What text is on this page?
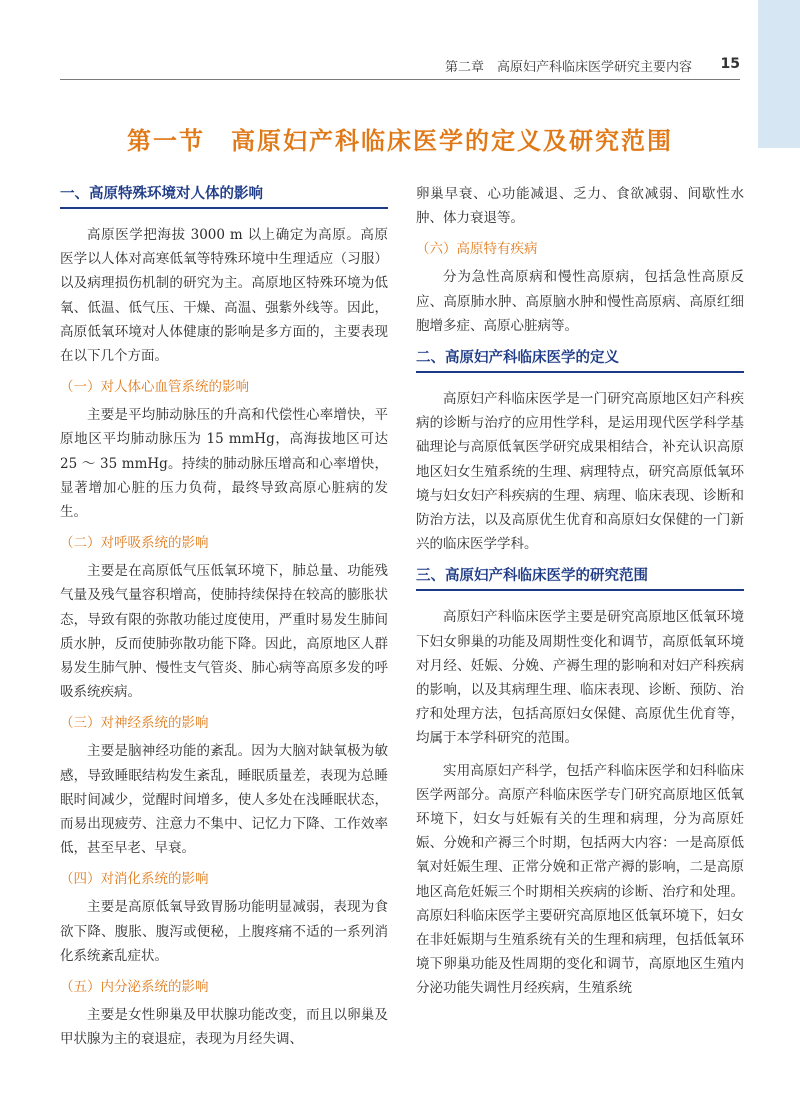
第二章　高原妇产科临床医学研究主要内容 15
第一节　高原妇产科临床医学的定义及研究范围
一、高原特殊环境对人体的影响

高原医学把海拔 3000 m 以上确定为高原。高原医学以人体对高寒低氧等特殊环境中生理适应（习服）以及病理损伤机制的研究为主。高原地区特殊环境为低氧、低温、低气压、干燥、高温、强紫外线等。因此，高原低氧环境对人体健康的影响是多方面的，主要表现在以下几个方面。

（一）对人体心血管系统的影响

主要是平均肺动脉压的升高和代偿性心率增快，平原地区平均肺动脉压为 15 mmHg，高海拔地区可达 25 ～ 35 mmHg。持续的肺动脉压增高和心率增快，显著增加心脏的压力负荷，最终导致高原心脏病的发生。

（二）对呼吸系统的影响

主要是在高原低气压低氧环境下，肺总量、功能残气量及残气量容积增高，使肺持续保持在较高的膨胀状态，导致有限的弥散功能过度使用，严重时易发生肺间质水肿，反而使肺弥散功能下降。因此，高原地区人群易发生肺气肿、慢性支气管炎、肺心病等高原多发的呼吸系统疾病。

（三）对神经系统的影响

主要是脑神经功能的紊乱。因为大脑对缺氧极为敏感，导致睡眠结构发生紊乱，睡眠质量差，表现为总睡眠时间减少，觉醒时间增多，使人多处在浅睡眠状态，而易出现疲劳、注意力不集中、记忆力下降、工作效率低，甚至早老、早衰。

（四）对消化系统的影响

主要是高原低氧导致胃肠功能明显减弱，表现为食欲下降、腹胀、腹泻或便秘，上腹疼痛不适的一系列消化系统紊乱症状。

（五）内分泌系统的影响

主要是女性卵巢及甲状腺功能改变，而且以卵巢及甲状腺为主的衰退症，表现为月经失调、

卵巢早衰、心功能减退、乏力、食欲减弱、间歇性水肿、体力衰退等。

（六）高原特有疾病

分为急性高原病和慢性高原病，包括急性高原反应、高原肺水肿、高原脑水肿和慢性高原病、高原红细胞增多症、高原心脏病等。

二、高原妇产科临床医学的定义

高原妇产科临床医学是一门研究高原地区妇产科疾病的诊断与治疗的应用性学科，是运用现代医学科学基础理论与高原低氧医学研究成果相结合，补充认识高原地区妇女生殖系统的生理、病理特点，研究高原低氧环境与妇女妇产科疾病的生理、病理、临床表现、诊断和防治方法，以及高原优生优育和高原妇女保健的一门新兴的临床医学学科。

三、高原妇产科临床医学的研究范围

高原妇产科临床医学主要是研究高原地区低氧环境下妇女卵巢的功能及周期性变化和调节，高原低氧环境对月经、妊娠、分娩、产褥生理的影响和对妇产科疾病的影响，以及其病理生理、临床表现、诊断、预防、治疗和处理方法，包括高原妇女保健、高原优生优育等，均属于本学科研究的范围。

实用高原妇产科学，包括产科临床医学和妇科临床医学两部分。高原产科临床医学专门研究高原地区低氧环境下，妇女与妊娠有关的生理和病理，分为高原妊娠、分娩和产褥三个时期，包括两大内容：一是高原低氧对妊娠生理、正常分娩和正常产褥的影响，二是高原地区高危妊娠三个时期相关疾病的诊断、治疗和处理。高原妇科临床医学主要研究高原地区低氧环境下，妇女在非妊娠期与生殖系统有关的生理和病理，包括低氧环境下卵巢功能及性周期的变化和调节，高原地区生殖内分泌功能失调性月经疾病，生殖系统
